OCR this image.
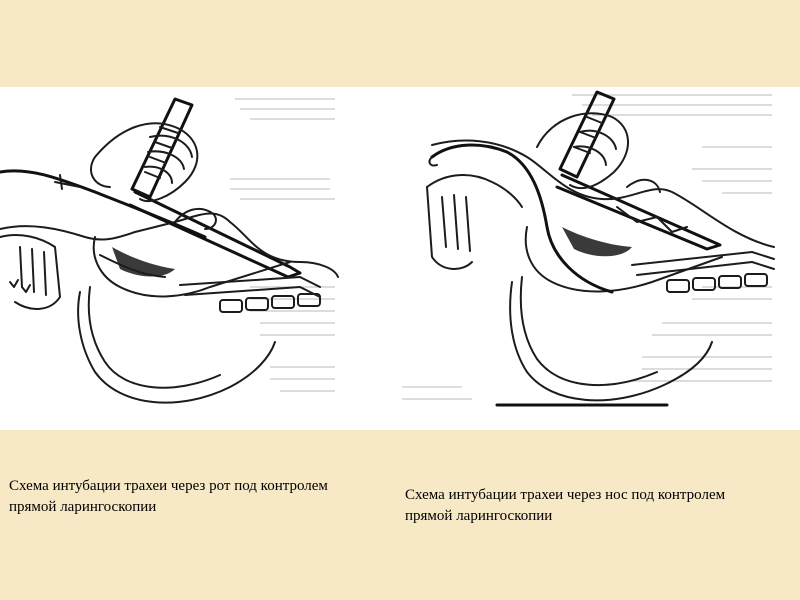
Схема интубации трахеи через рот под контролем прямой ларингоскопии

Схема интубации трахеи через нос под контролем прямой ларингоскопии
